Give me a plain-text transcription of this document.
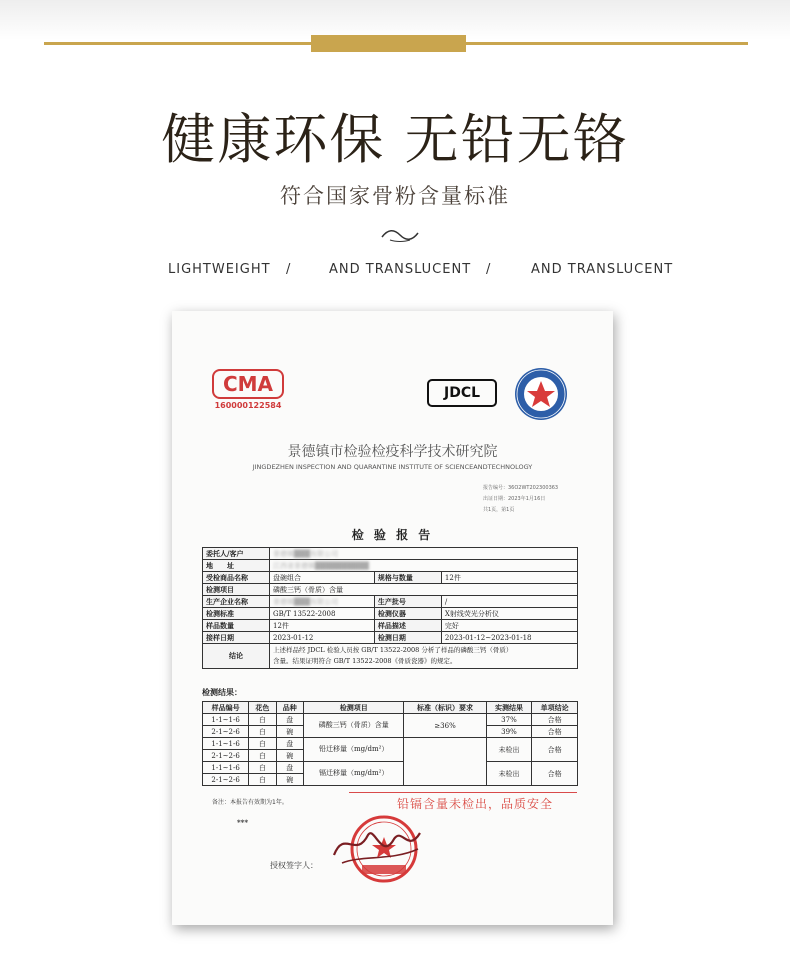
健康环保 无铅无铬
符合国家骨粉含量标准
LIGHTWEIGHT /	AND TRANSLUCENT /	AND TRANSLUCENT
CMA
160000122584
JDCL
景德镇市检验检疫科学技术研究院
JINGDEZHEN INSPECTION AND QUARANTINE INSTITUTE OF SCIENCEANDTECHNOLOGY
报告编号：36O2WT202300363
出证日期：2023年1月16日
共1页，第1页
检 验 报 告
委托人/客户	景德镇███有限公司		
地　　址	江西省景德镇██████████		
受检商品名称	盘碗组合	规格与数量	12件
检测项目	磷酸三钙（骨质）含量		
生产企业名称	景德镇███有限公司	生产批号	/
检测标准	GB/T 13522-2008	检测仪器	X射线荧光分析仪
样品数量	12件	样品描述	完好
接样日期	2023-01-12	检测日期	2023-01-12~2023-01-18
结论	上述样品经 JDCL 检验人员按 GB/T 13522-2008 分析了样品的磷酸三钙（骨质）
含量。结果证明符合 GB/T 13522-2008《骨质瓷器》的规定。		
检测结果：
样品编号	花色	品种	检测项目	标准（标识）要求	实测结果	单项结论
1-1~1-6	白	盘	磷酸三钙（骨质）含量	≥36%	37%	合格
2-1~2-6	白	碗			39%	合格
1-1~1-6	白	盘	铅迁移量（mg/dm²）		未检出	合格
2-1~2-6	白	碗				
1-1~1-6	白	盘	镉迁移量（mg/dm²）		未检出	合格
2-1~2-6	白	碗				
铅镉含量未检出，品质安全
备注：本报告有效期为1年。
***
授权签字人：
